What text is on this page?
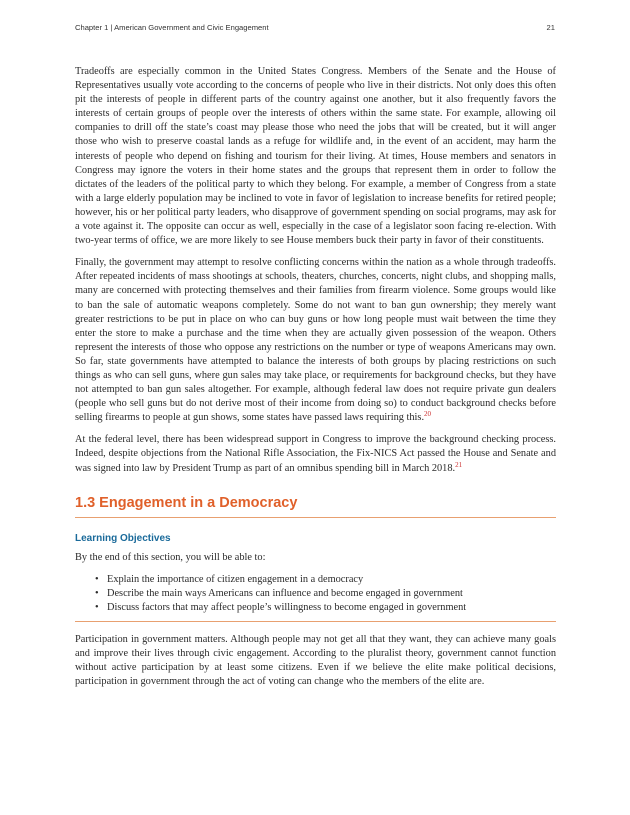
Chapter 1 | American Government and Civic Engagement	21

Tradeoffs are especially common in the United States Congress. Members of the Senate and the House of Representatives usually vote according to the concerns of people who live in their districts. Not only does this often pit the interests of people in different parts of the country against one another, but it also frequently favors the interests of certain groups of people over the interests of others within the same state. For example, allowing oil companies to drill off the state’s coast may please those who need the jobs that will be created, but it will anger those who wish to preserve coastal lands as a refuge for wildlife and, in the event of an accident, may harm the interests of people who depend on fishing and tourism for their living. At times, House members and senators in Congress may ignore the voters in their home states and the groups that represent them in order to follow the dictates of the leaders of the political party to which they belong. For example, a member of Congress from a state with a large elderly population may be inclined to vote in favor of legislation to increase benefits for retired people; however, his or her political party leaders, who disapprove of government spending on social programs, may ask for a vote against it. The opposite can occur as well, especially in the case of a legislator soon facing re-election. With two-year terms of office, we are more likely to see House members buck their party in favor of their constituents.

Finally, the government may attempt to resolve conflicting concerns within the nation as a whole through tradeoffs. After repeated incidents of mass shootings at schools, theaters, churches, concerts, night clubs, and shopping malls, many are concerned with protecting themselves and their families from firearm violence. Some groups would like to ban the sale of automatic weapons completely. Some do not want to ban gun ownership; they merely want greater restrictions to be put in place on who can buy guns or how long people must wait between the time they enter the store to make a purchase and the time when they are actually given possession of the weapon. Others represent the interests of those who oppose any restrictions on the number or type of weapons Americans may own. So far, state governments have attempted to balance the interests of both groups by placing restrictions on such things as who can sell guns, where gun sales may take place, or requirements for background checks, but they have not attempted to ban gun sales altogether. For example, although federal law does not require private gun dealers (people who sell guns but do not derive most of their income from doing so) to conduct background checks before selling firearms to people at gun shows, some states have passed laws requiring this.$^{20}$

At the federal level, there has been widespread support in Congress to improve the background checking process. Indeed, despite objections from the National Rifle Association, the Fix-NICS Act passed the House and Senate and was signed into law by President Trump as part of an omnibus spending bill in March 2018.21

1.3 Engagement in a Democracy
Learning Objectives

By the end of this section, you will be able to:

• Explain the importance of citizen engagement in a democracy
• Describe the main ways Americans can influence and become engaged in government
• Discuss factors that may affect people’s willingness to become engaged in government

Participation in government matters. Although people may not get all that they want, they can achieve many goals and improve their lives through civic engagement. According to the pluralist theory, government cannot function without active participation by at least some citizens. Even if we believe the elite make political decisions, participation in government through the act of voting can change who the members of the elite are.
